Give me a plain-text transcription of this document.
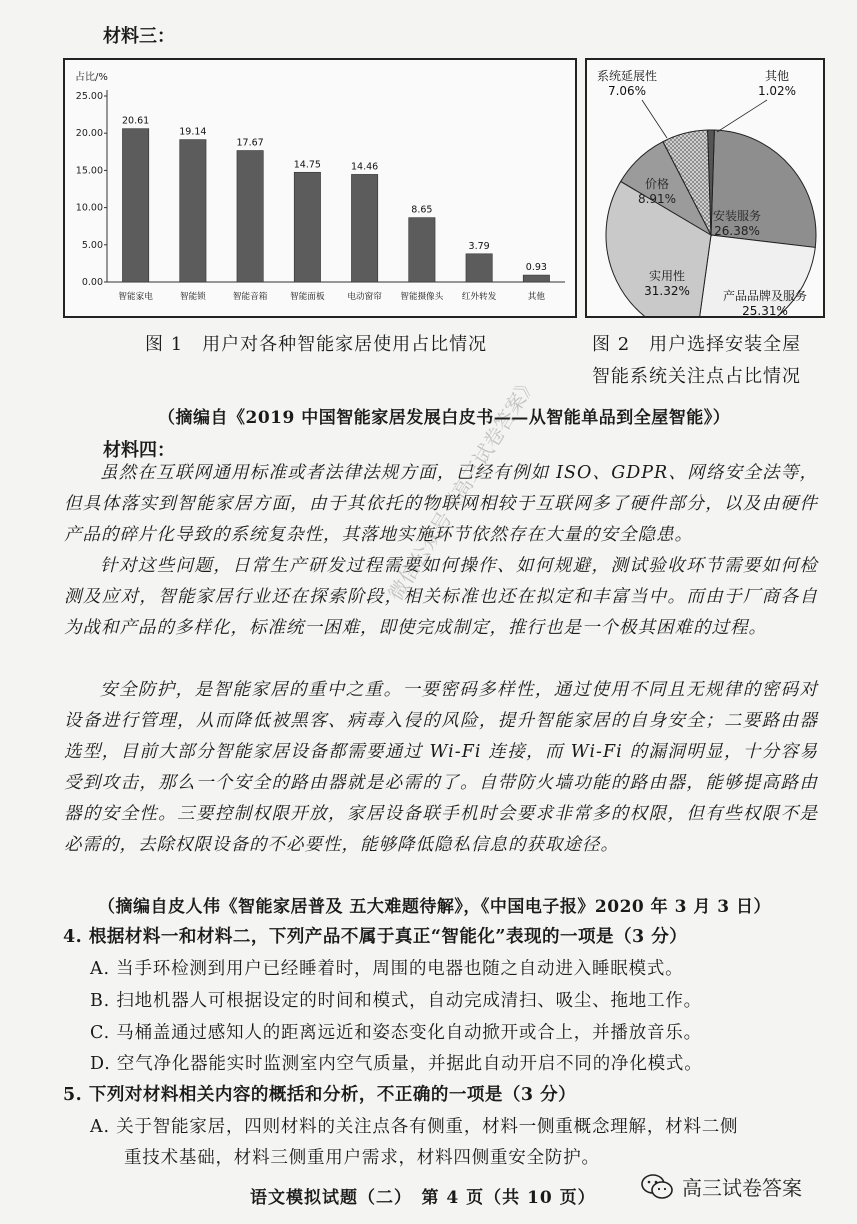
材料三：
占比/%
25.00
20.00
15.00
10.00
5.00
0.00
20.61
智能家电
19.14
智能锁
17.67
智能音箱
14.75
智能面板
14.46
电动窗帘
8.65
智能摄像头
3.79
红外转发
0.93
其他
图 1　用户对各种智能家居使用占比情况
安装服务
26.38%
产品品牌及服务
25.31%
实用性
31.32%
价格
8.91%
系统延展性
7.06%
其他
1.02%
图 2　用户选择安装全屋
智能系统关注点占比情况
（摘编自《2019 中国智能家居发展白皮书——从智能单品到全屋智能》）
材料四：
虽然在互联网通用标准或者法律法规方面，已经有例如 ISO、GDPR、网络安全法等，但具体落实到智能家居方面，由于其依托的物联网相较于互联网多了硬件部分，以及由硬件产品的碎片化导致的系统复杂性，其落地实施环节依然存在大量的安全隐患。
针对这些问题，日常生产研发过程需要如何操作、如何规避，测试验收环节需要如何检测及应对，智能家居行业还在探索阶段，相关标准也还在拟定和丰富当中。而由于厂商各自为战和产品的多样化，标准统一困难，即使完成制定，推行也是一个极其困难的过程。
安全防护，是智能家居的重中之重。一要密码多样性，通过使用不同且无规律的密码对设备进行管理，从而降低被黑客、病毒入侵的风险，提升智能家居的自身安全；二要路由器选型，目前大部分智能家居设备都需要通过 Wi-Fi 连接，而 Wi-Fi 的漏洞明显，十分容易受到攻击，那么一个安全的路由器就是必需的了。自带防火墙功能的路由器，能够提高路由器的安全性。三要控制权限开放，家居设备联手机时会要求非常多的权限，但有些权限不是必需的，去除权限设备的不必要性，能够降低隐私信息的获取途径。
（摘编自皮人伟《智能家居普及 五大难题待解》，《中国电子报》2020 年 3 月 3 日）
4. 根据材料一和材料二，下列产品不属于真正“智能化”表现的一项是（3 分）
A. 当手环检测到用户已经睡着时，周围的电器也随之自动进入睡眠模式。
B. 扫地机器人可根据设定的时间和模式，自动完成清扫、吸尘、拖地工作。
C. 马桶盖通过感知人的距离远近和姿态变化自动掀开或合上，并播放音乐。
D. 空气净化器能实时监测室内空气质量，并据此自动开启不同的净化模式。
5. 下列对材料相关内容的概括和分析，不正确的一项是（3 分）
A. 关于智能家居，四则材料的关注点各有侧重，材料一侧重概念理解，材料二侧
重技术基础，材料三侧重用户需求，材料四侧重安全防护。
语文模拟试题（二）　第 4 页（共 10 页）	高三试卷答案
微信公众号《高三试卷答案》
